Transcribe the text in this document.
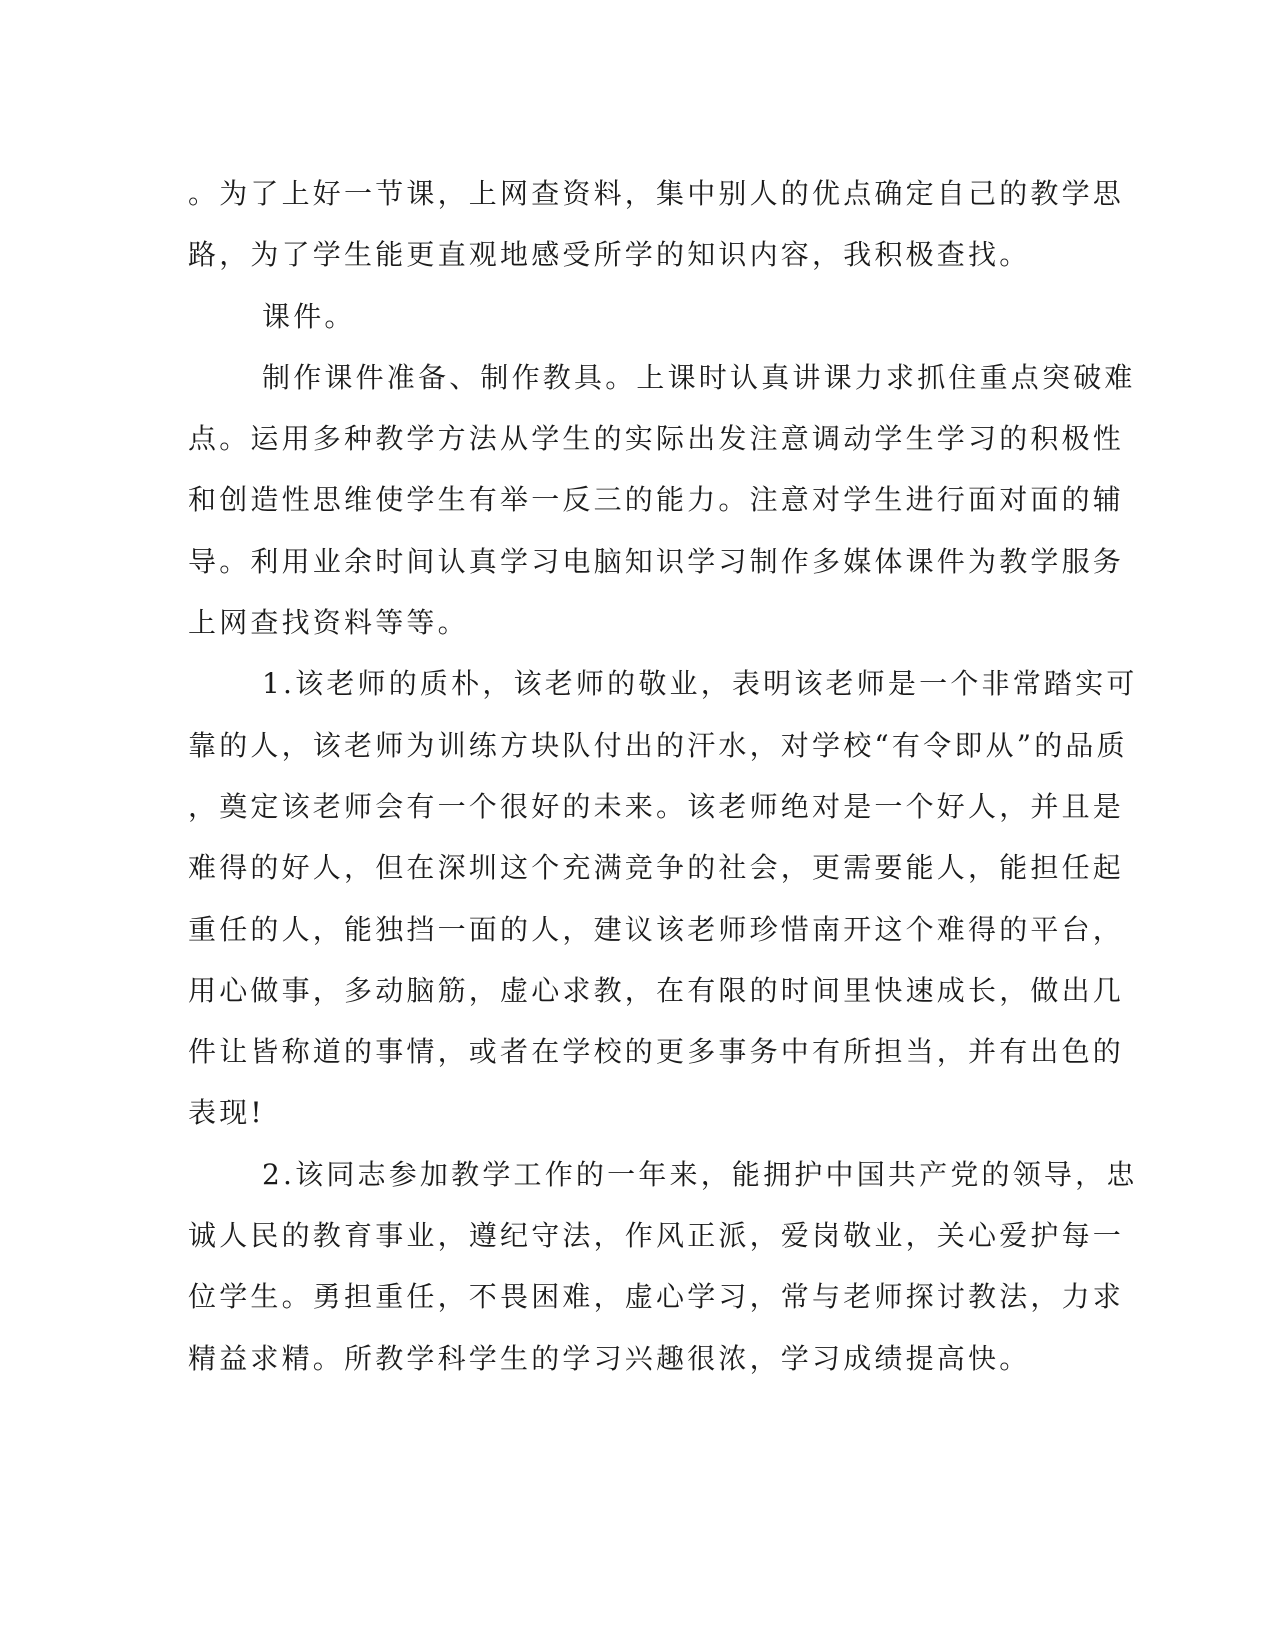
。为了上好一节课，上网查资料，集中别人的优点确定自己的教学思
路，为了学生能更直观地感受所学的知识内容，我积极查找。
课件。
制作课件准备、制作教具。上课时认真讲课力求抓住重点突破难
点。运用多种教学方法从学生的实际出发注意调动学生学习的积极性
和创造性思维使学生有举一反三的能力。注意对学生进行面对面的辅
导。利用业余时间认真学习电脑知识学习制作多媒体课件为教学服务
上网查找资料等等。
1.该老师的质朴，该老师的敬业，表明该老师是一个非常踏实可
靠的人，该老师为训练方块队付出的汗水，对学校“有令即从”的品质
，奠定该老师会有一个很好的未来。该老师绝对是一个好人，并且是
难得的好人，但在深圳这个充满竞争的社会，更需要能人，能担任起
重任的人，能独挡一面的人，建议该老师珍惜南开这个难得的平台，
用心做事，多动脑筋，虚心求教，在有限的时间里快速成长，做出几
件让皆称道的事情，或者在学校的更多事务中有所担当，并有出色的
表现!
2.该同志参加教学工作的一年来，能拥护中国共产党的领导，忠
诚人民的教育事业，遵纪守法，作风正派，爱岗敬业，关心爱护每一
位学生。勇担重任，不畏困难，虚心学习，常与老师探讨教法，力求
精益求精。所教学科学生的学习兴趣很浓，学习成绩提高快。
